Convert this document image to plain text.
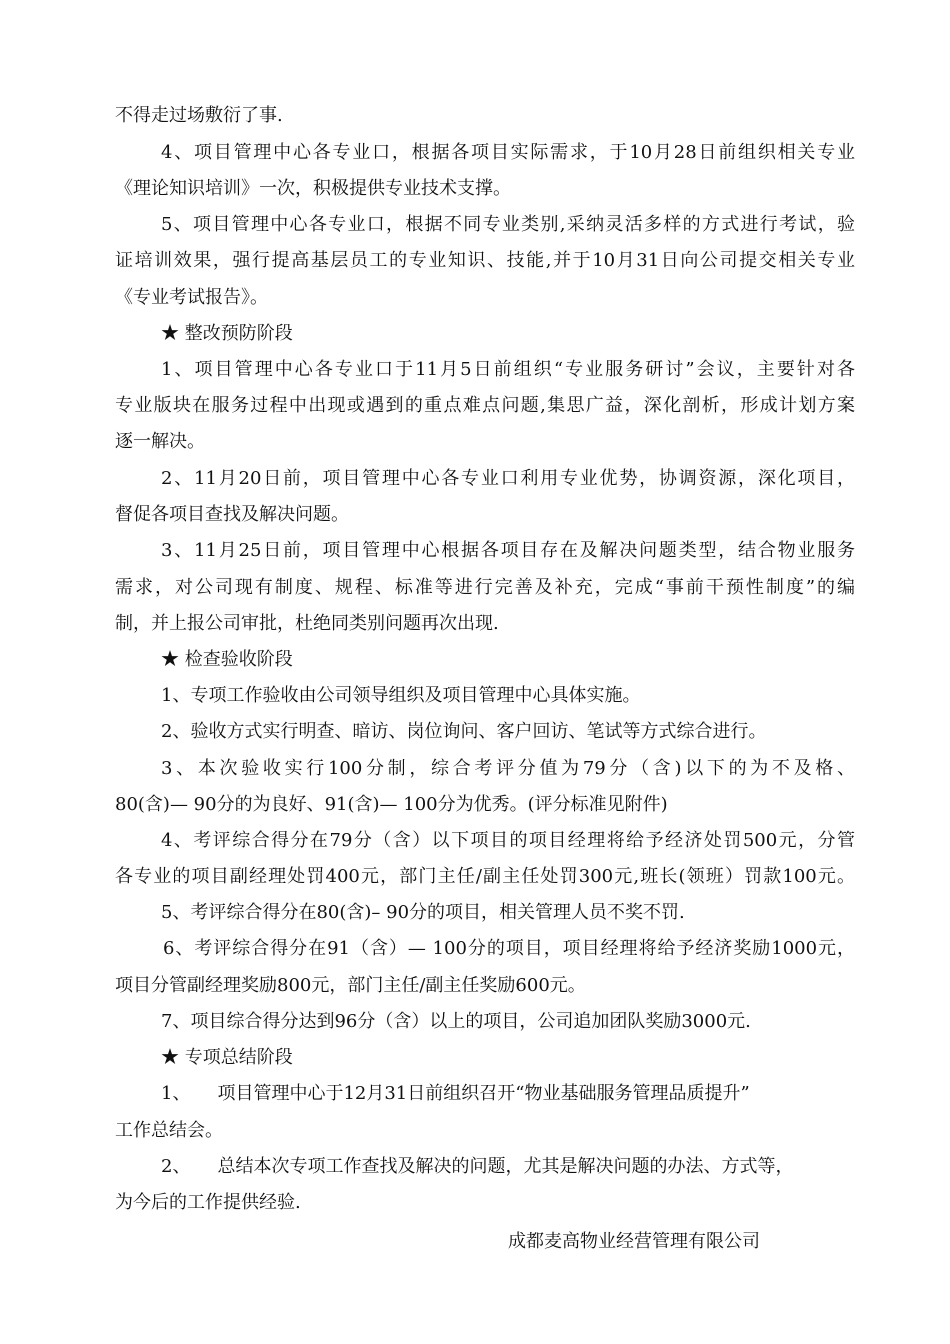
不得走过场敷衍了事.
4、项目管理中心各专业口，根据各项目实际需求，于10月28日前组织相关专业
《理论知识培训》一次，积极提供专业技术支撑。
5、项目管理中心各专业口，根据不同专业类别,采纳灵活多样的方式进行考试，验
证培训效果，强行提高基层员工的专业知识、技能,并于10月31日向公司提交相关专业
《专业考试报告》。
★ 整改预防阶段
1、项目管理中心各专业口于11月5日前组织“专业服务研讨”会议，主要针对各
专业版块在服务过程中出现或遇到的重点难点问题,集思广益，深化剖析，形成计划方案
逐一解决。
2、11月20日前，项目管理中心各专业口利用专业优势，协调资源，深化项目，
督促各项目查找及解决问题。
3、11月25日前，项目管理中心根据各项目存在及解决问题类型，结合物业服务
需求，对公司现有制度、规程、标准等进行完善及补充，完成“事前干预性制度”的编
制，并上报公司审批，杜绝同类别问题再次出现.
★ 检查验收阶段
1、专项工作验收由公司领导组织及项目管理中心具体实施。
2、验收方式实行明查、暗访、岗位询问、客户回访、笔试等方式综合进行。
3、本次验收实行100分制，综合考评分值为79分（含)以下的为不及格、
80(含)— 90分的为良好、91(含)— 100分为优秀。(评分标准见附件)
4、考评综合得分在79分（含）以下项目的项目经理将给予经济处罚500元，分管
各专业的项目副经理处罚400元，部门主任/副主任处罚300元,班长(领班）罚款100元。
5、考评综合得分在80(含)– 90分的项目，相关管理人员不奖不罚.
6、考评综合得分在91（含）— 100分的项目，项目经理将给予经济奖励1000元，
项目分管副经理奖励800元，部门主任/副主任奖励600元。
7、项目综合得分达到96分（含）以上的项目，公司追加团队奖励3000元.
★ 专项总结阶段
1、　　项目管理中心于12月31日前组织召开“物业基础服务管理品质提升”
工作总结会。
2、　　总结本次专项工作查找及解决的问题，尤其是解决问题的办法、方式等，
为今后的工作提供经验.
成都麦高物业经营管理有限公司
